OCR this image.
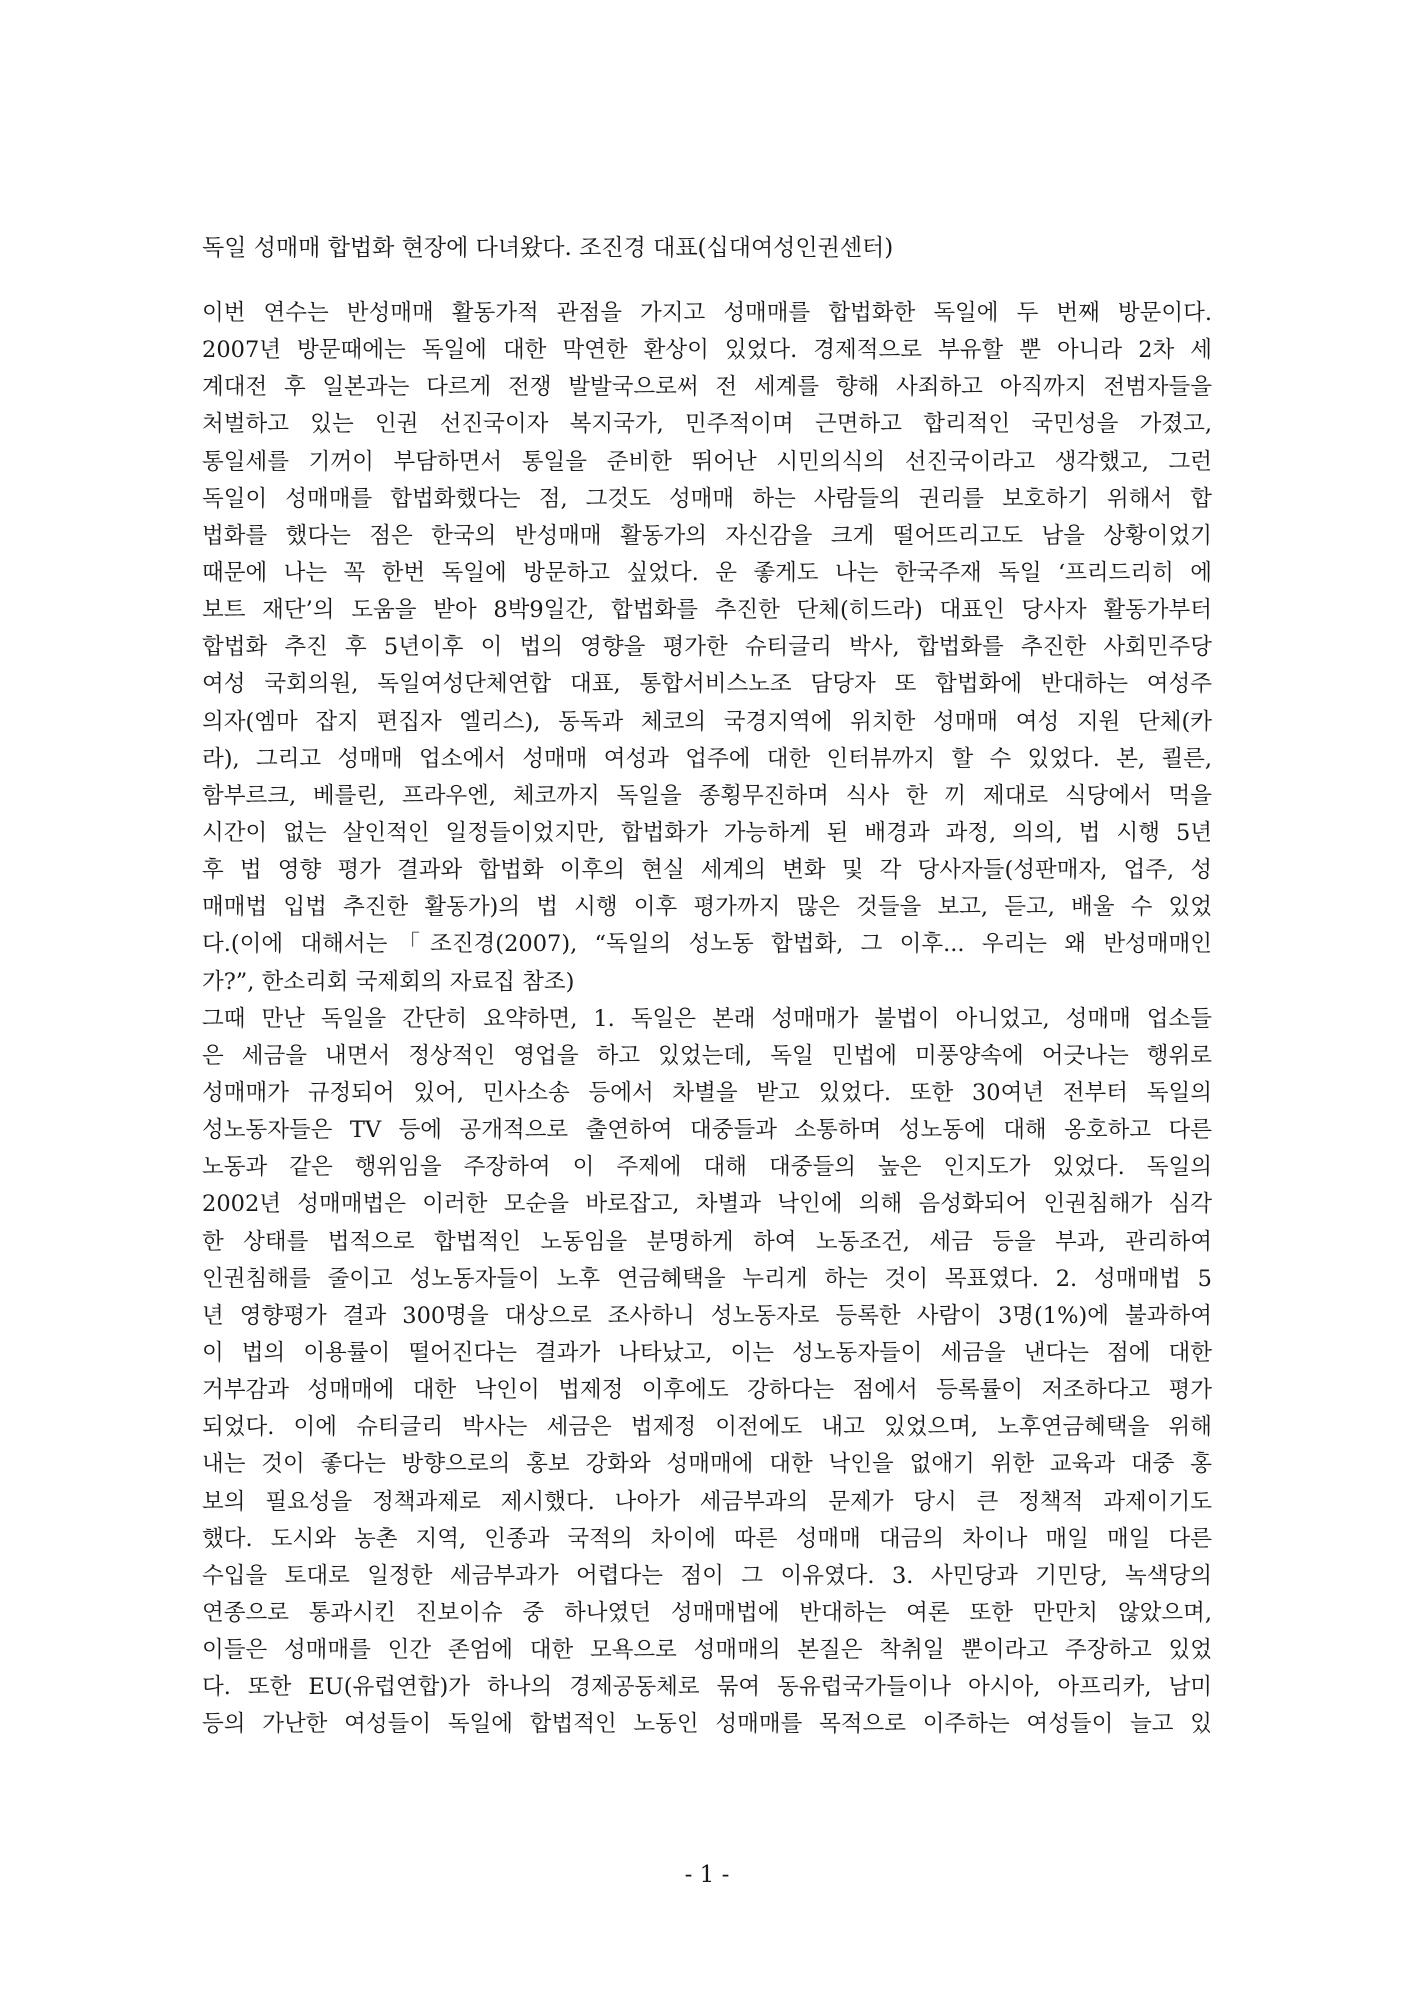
독일 성매매 합법화 현장에 다녀왔다. 조진경 대표(십대여성인권센터)
이번 연수는 반성매매 활동가적 관점을 가지고 성매매를 합법화한 독일에 두 번째 방문이다.
2007년 방문때에는 독일에 대한 막연한 환상이 있었다. 경제적으로 부유할 뿐 아니라 2차 세
계대전 후 일본과는 다르게 전쟁 발발국으로써 전 세계를 향해 사죄하고 아직까지 전범자들을
처벌하고 있는 인권 선진국이자 복지국가, 민주적이며 근면하고 합리적인 국민성을 가졌고,
통일세를 기꺼이 부담하면서 통일을 준비한 뛰어난 시민의식의 선진국이라고 생각했고, 그런
독일이 성매매를 합법화했다는 점, 그것도 성매매 하는 사람들의 권리를 보호하기 위해서 합
법화를 했다는 점은 한국의 반성매매 활동가의 자신감을 크게 떨어뜨리고도 남을 상황이었기
때문에 나는 꼭 한번 독일에 방문하고 싶었다. 운 좋게도 나는 한국주재 독일 ‘프리드리히 에
보트 재단’의 도움을 받아 8박9일간, 합법화를 추진한 단체(히드라) 대표인 당사자 활동가부터
합법화 추진 후 5년이후 이 법의 영향을 평가한 슈티글리 박사, 합법화를 추진한 사회민주당
여성 국회의원, 독일여성단체연합 대표, 통합서비스노조 담당자 또 합법화에 반대하는 여성주
의자(엠마 잡지 편집자 엘리스), 동독과 체코의 국경지역에 위치한 성매매 여성 지원 단체(카
라), 그리고 성매매 업소에서 성매매 여성과 업주에 대한 인터뷰까지 할 수 있었다. 본, 쾰른,
함부르크, 베를린, 프라우엔, 체코까지 독일을 종횡무진하며 식사 한 끼 제대로 식당에서 먹을
시간이 없는 살인적인 일정들이었지만, 합법화가 가능하게 된 배경과 과정, 의의, 법 시행 5년
후 법 영향 평가 결과와 합법화 이후의 현실 세계의 변화 및 각 당사자들(성판매자, 업주, 성
매매법 입법 추진한 활동가)의 법 시행 이후 평가까지 많은 것들을 보고, 듣고, 배울 수 있었
다.(이에 대해서는「조진경(2007), “독일의 성노동 합법화, 그 이후... 우리는 왜 반성매매인
가?”, 한소리회 국제회의 자료집 참조)
그때 만난 독일을 간단히 요약하면, 1. 독일은 본래 성매매가 불법이 아니었고, 성매매 업소들
은 세금을 내면서 정상적인 영업을 하고 있었는데, 독일 민법에 미풍양속에 어긋나는 행위로
성매매가 규정되어 있어, 민사소송 등에서 차별을 받고 있었다. 또한 30여년 전부터 독일의
성노동자들은 TV 등에 공개적으로 출연하여 대중들과 소통하며 성노동에 대해 옹호하고 다른
노동과 같은 행위임을 주장하여 이 주제에 대해 대중들의 높은 인지도가 있었다. 독일의
2002년 성매매법은 이러한 모순을 바로잡고, 차별과 낙인에 의해 음성화되어 인권침해가 심각
한 상태를 법적으로 합법적인 노동임을 분명하게 하여 노동조건, 세금 등을 부과, 관리하여
인권침해를 줄이고 성노동자들이 노후 연금혜택을 누리게 하는 것이 목표였다. 2. 성매매법 5
년 영향평가 결과 300명을 대상으로 조사하니 성노동자로 등록한 사람이 3명(1%)에 불과하여
이 법의 이용률이 떨어진다는 결과가 나타났고, 이는 성노동자들이 세금을 낸다는 점에 대한
거부감과 성매매에 대한 낙인이 법제정 이후에도 강하다는 점에서 등록률이 저조하다고 평가
되었다. 이에 슈티글리 박사는 세금은 법제정 이전에도 내고 있었으며, 노후연금혜택을 위해
내는 것이 좋다는 방향으로의 홍보 강화와 성매매에 대한 낙인을 없애기 위한 교육과 대중 홍
보의 필요성을 정책과제로 제시했다. 나아가 세금부과의 문제가 당시 큰 정책적 과제이기도
했다. 도시와 농촌 지역, 인종과 국적의 차이에 따른 성매매 대금의 차이나 매일 매일 다른
수입을 토대로 일정한 세금부과가 어렵다는 점이 그 이유였다. 3. 사민당과 기민당, 녹색당의
연종으로 통과시킨 진보이슈 중 하나였던 성매매법에 반대하는 여론 또한 만만치 않았으며,
이들은 성매매를 인간 존엄에 대한 모욕으로 성매매의 본질은 착취일 뿐이라고 주장하고 있었
다. 또한 EU(유럽연합)가 하나의 경제공동체로 묶여 동유럽국가들이나 아시아, 아프리카, 남미
등의 가난한 여성들이 독일에 합법적인 노동인 성매매를 목적으로 이주하는 여성들이 늘고 있
- 1 -
